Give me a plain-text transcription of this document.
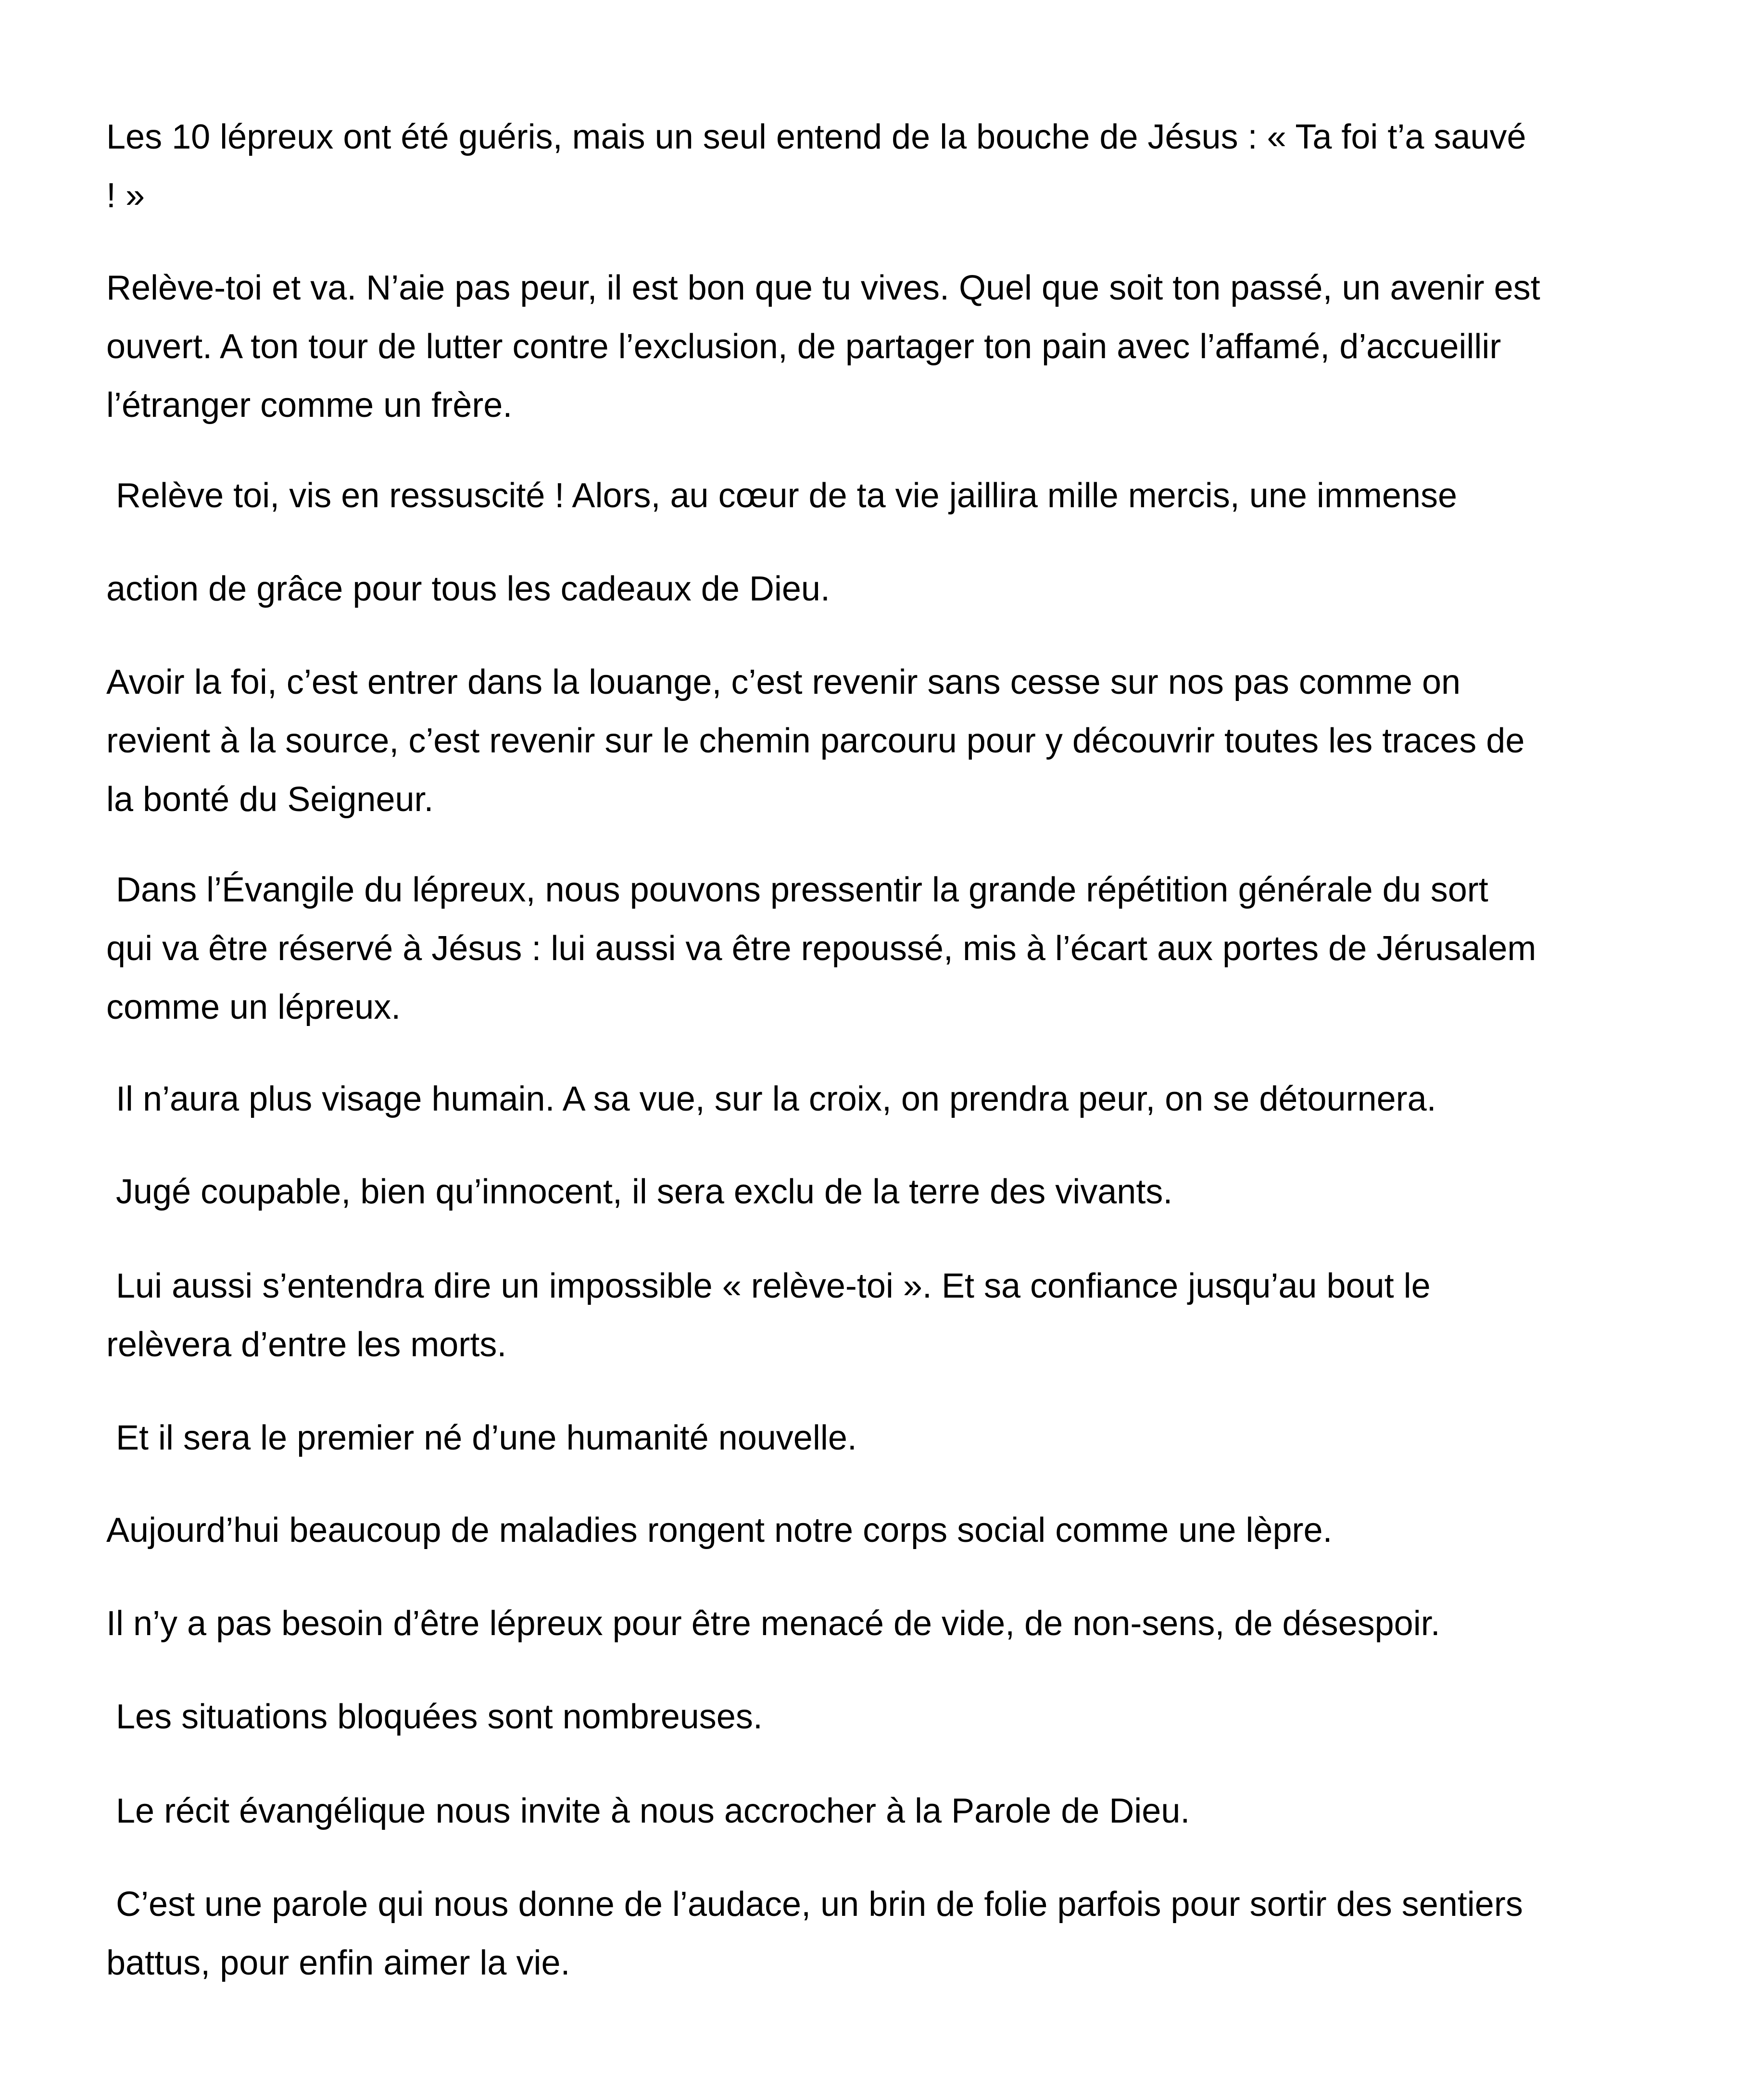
Les 10 lépreux ont été guéris, mais un seul entend de la bouche de Jésus : « Ta foi t’a sauvé
! »

Relève-toi et va. N’aie pas peur, il est bon que tu vives. Quel que soit ton passé, un avenir est
ouvert. A ton tour de lutter contre l’exclusion, de partager ton pain avec l’affamé, d’accueillir
l’étranger comme un frère.

Relève toi, vis en ressuscité ! Alors, au cœur de ta vie jaillira mille mercis, une immense

action de grâce pour tous les cadeaux de Dieu.

Avoir la foi, c’est entrer dans la louange, c’est revenir sans cesse sur nos pas comme on
revient à la source, c’est revenir sur le chemin parcouru pour y découvrir toutes les traces de
la bonté du Seigneur.

Dans l’Évangile du lépreux, nous pouvons pressentir la grande répétition générale du sort
qui va être réservé à Jésus : lui aussi va être repoussé, mis à l’écart aux portes de Jérusalem
comme un lépreux.

Il n’aura plus visage humain. A sa vue, sur la croix, on prendra peur, on se détournera.

Jugé coupable, bien qu’innocent, il sera exclu de la terre des vivants.

Lui aussi s’entendra dire un impossible « relève-toi ». Et sa confiance jusqu’au bout le
relèvera d’entre les morts.

Et il sera le premier né d’une humanité nouvelle.

Aujourd’hui beaucoup de maladies rongent notre corps social comme une lèpre.

Il n’y a pas besoin d’être lépreux pour être menacé de vide, de non-sens, de désespoir.

Les situations bloquées sont nombreuses.

Le récit évangélique nous invite à nous accrocher à la Parole de Dieu.

C’est une parole qui nous donne de l’audace, un brin de folie parfois pour sortir des sentiers
battus, pour enfin aimer la vie.
